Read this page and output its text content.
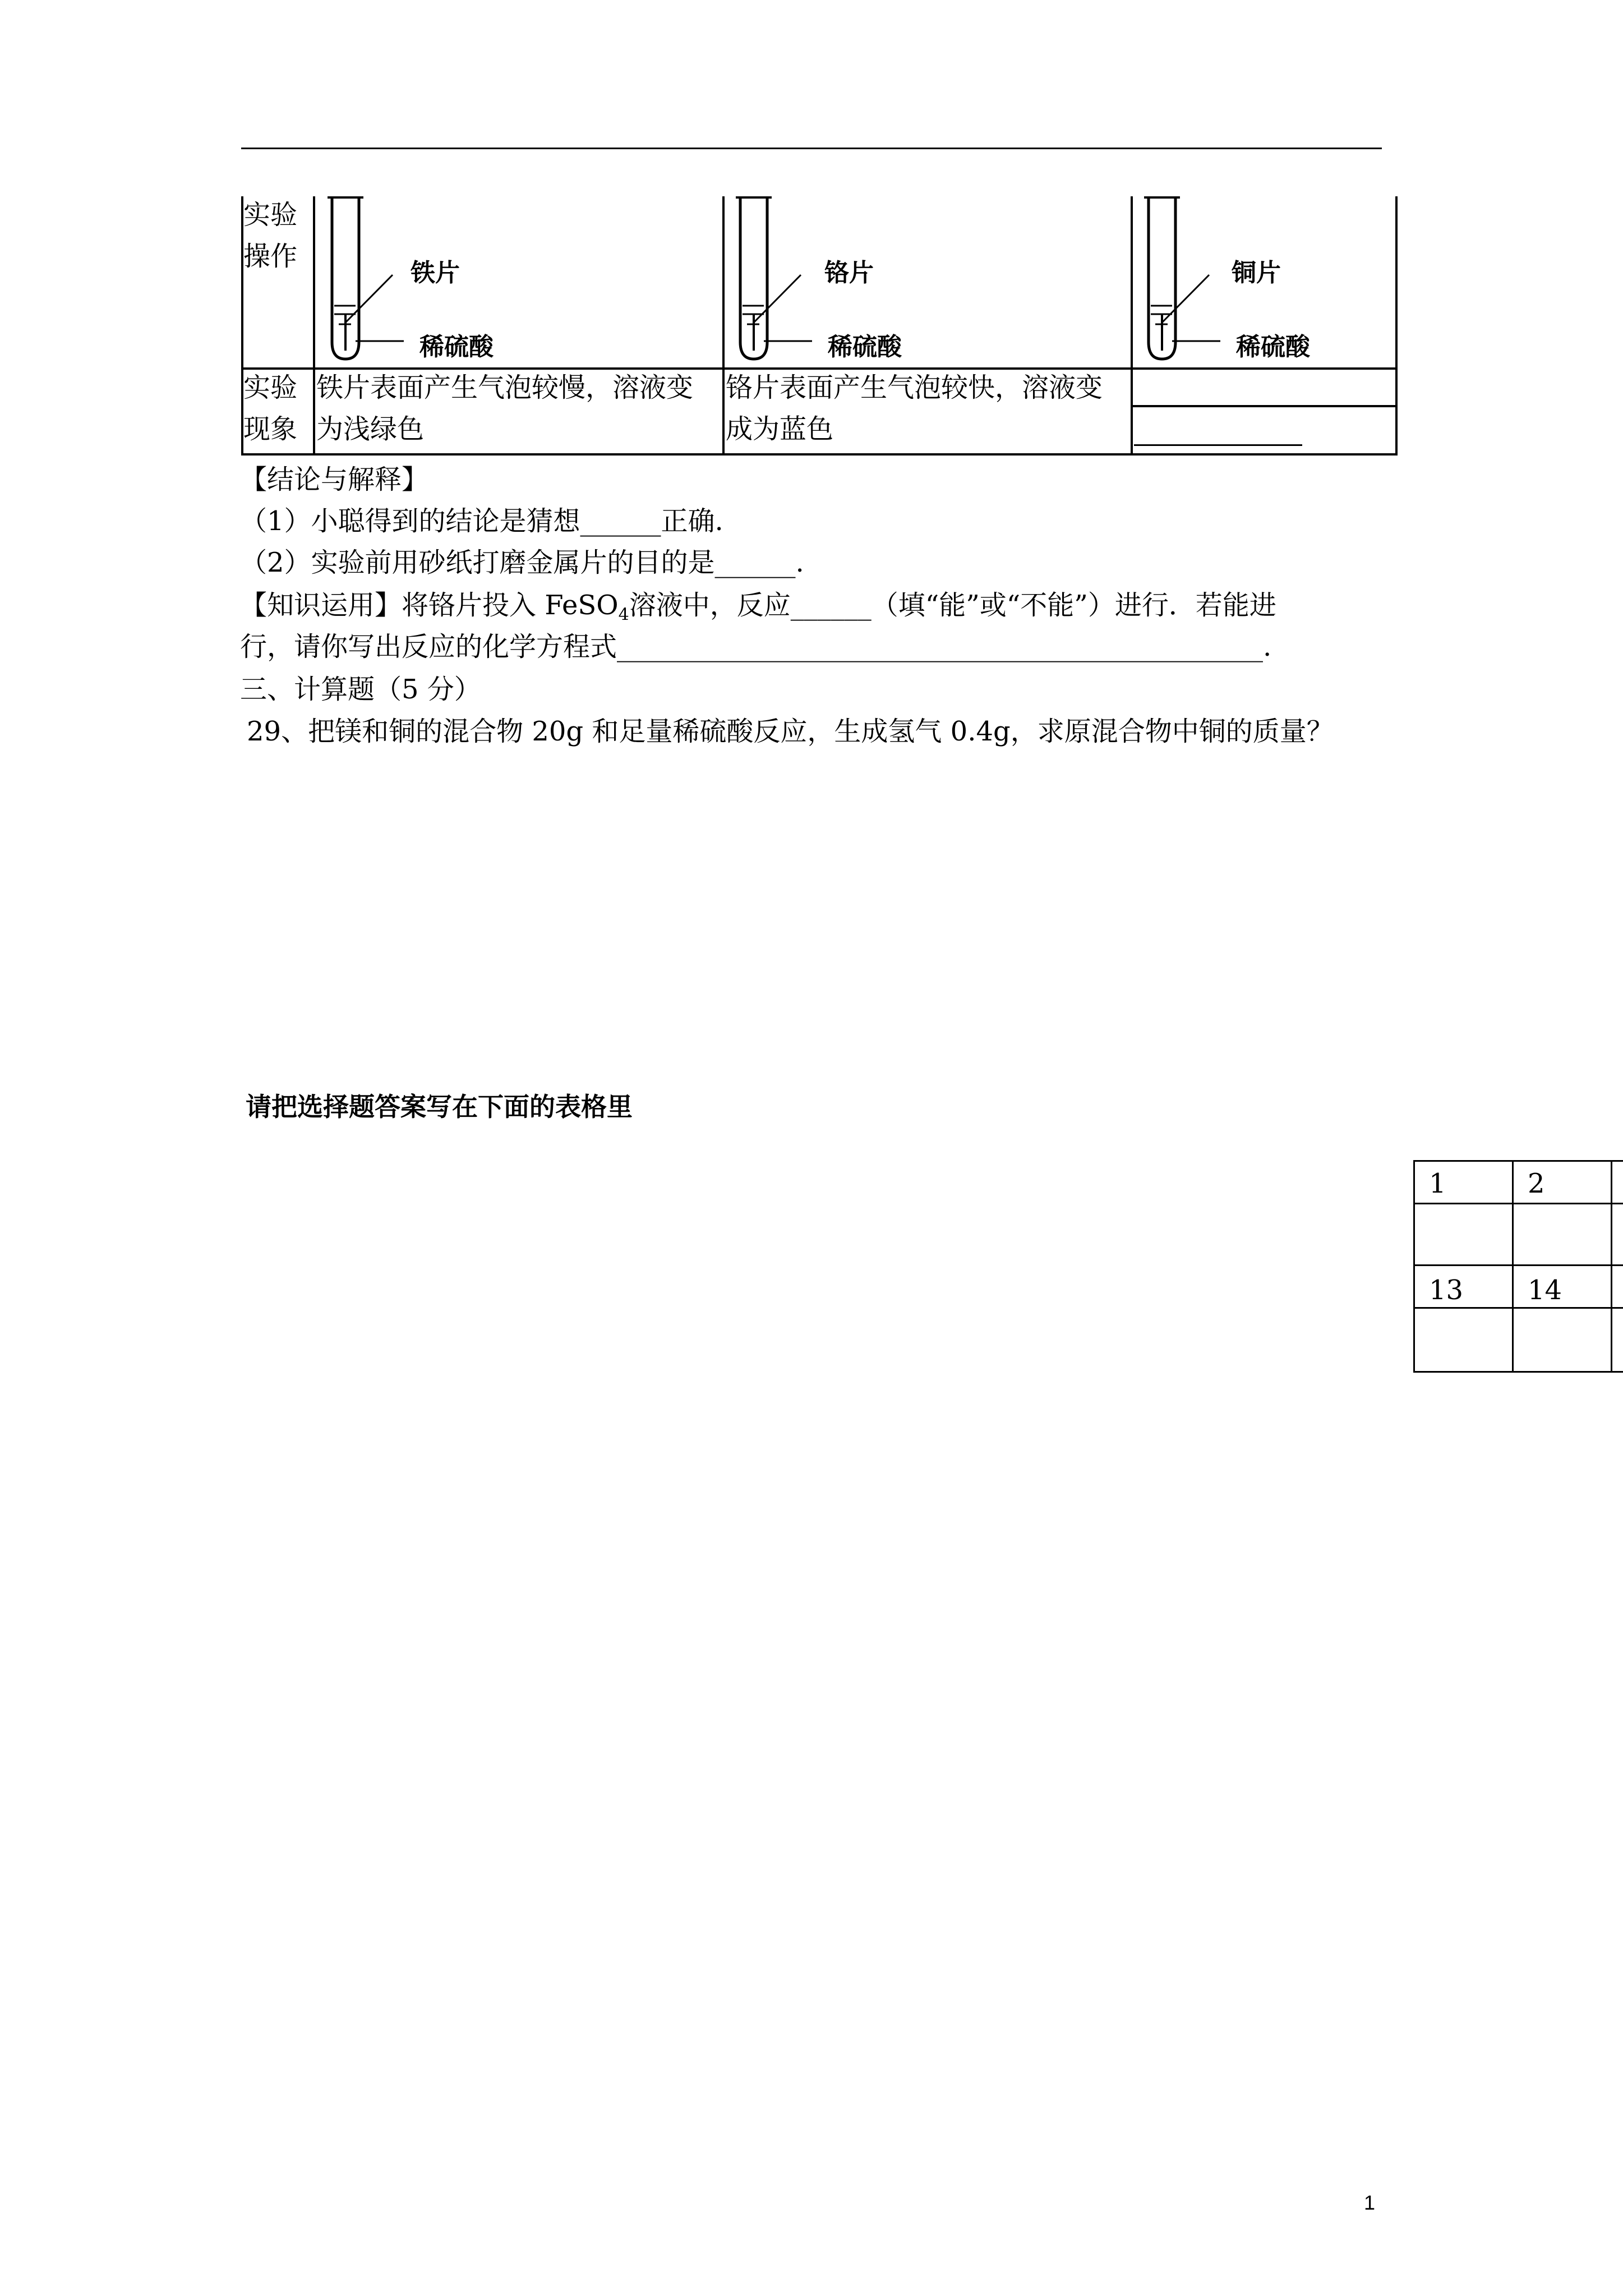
实验
操作
铁片
稀硫酸
铬片
稀硫酸
铜片
稀硫酸
实验
现象
铁片表面产生气泡较慢，溶液变
为浅绿色
铬片表面产生气泡较快，溶液变
成为蓝色
【结论与解释】
（1）小聪得到的结论是猜想______正确.
（2）实验前用砂纸打磨金属片的目的是______.
【知识运用】将铬片投入 FeSO$_4$溶液中，反应______（填“能”或“不能”）进行．若能进
行，请你写出反应的化学方程式________________________________________________.
三、计算题（5 分）
29、把镁和铜的混合物 20g 和足量稀硫酸反应，生成氢气 0.4g，求原混合物中铜的质量？
请把选择题答案写在下面的表格里
1	2
13 14
1
